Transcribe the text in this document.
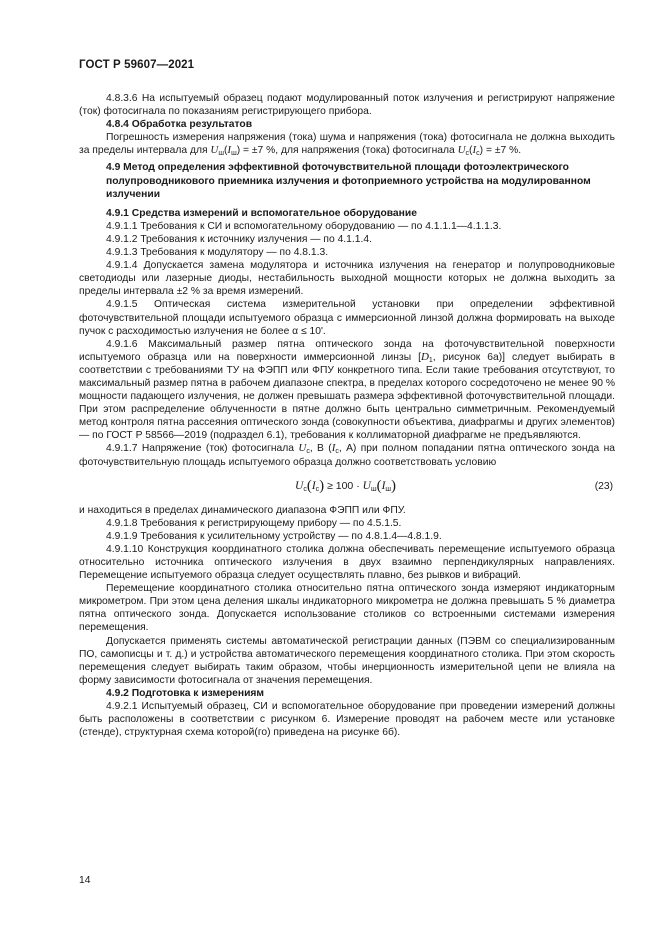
ГОСТ Р 59607—2021

4.8.3.6 На испытуемый образец подают модулированный поток излучения и регистрируют напряжение (ток) фотосигнала по показаниям регистрирующего прибора.

4.8.4 Обработка результатов

Погрешность измерения напряжения (тока) шума и напряжения (тока) фотосигнала не должна выходить за пределы интервала для $U_ш(I_ш) = \pm 7$ %, для напряжения (тока) фотосигнала $U_с(I_с) = \pm 7$ %.

4.9 Метод определения эффективной фоточувствительной площади фотоэлектрического полупроводникового приемника излучения и фотоприемного устройства на модулированном излучении

4.9.1 Средства измерений и вспомогательное оборудование

4.9.1.1 Требования к СИ и вспомогательному оборудованию — по 4.1.1.1—4.1.1.3.

4.9.1.2 Требования к источнику излучения — по 4.1.1.4.

4.9.1.3 Требования к модулятору — по 4.8.1.3.

4.9.1.4 Допускается замена модулятора и источника излучения на генератор и полупроводниковые светодиоды или лазерные диоды, нестабильность выходной мощности которых не должна выходить за пределы интервала ±2 % за время измерений.

4.9.1.5 Оптическая система измерительной установки при определении эффективной фоточувствительной площади испытуемого образца с иммерсионной линзой должна формировать на выходе пучок с расходимостью излучения не более α ≤ 10'.

4.9.1.6 Максимальный размер пятна оптического зонда на фоточувствительной поверхности испытуемого образца или на поверхности иммерсионной линзы [$D_1$, рисунок 6а)] следует выбирать в соответствии с требованиями ТУ на ФЭПП или ФПУ конкретного типа. Если такие требования отсутствуют, то максимальный размер пятна в рабочем диапазоне спектра, в пределах которого сосредоточено не менее 90 % мощности падающего излучения, не должен превышать размера эффективной фоточувствительной площади. При этом распределение облученности в пятне должно быть центрально симметричным. Рекомендуемый метод контроля пятна рассеяния оптического зонда (совокупности объектива, диафрагмы и других элементов) — по ГОСТ Р 58566—2019 (подраздел 6.1), требования к коллиматорной диафрагме не предъявляются.

4.9.1.7 Напряжение (ток) фотосигнала $U_с$, В ($I_с$, А) при полном попадании пятна оптического зонда на фоточувствительную площадь испытуемого образца должно соответствовать условию

$U_с(I_с) \ge 100 \cdot U_ш(I_ш)$	(23)

и находиться в пределах динамического диапазона ФЭПП или ФПУ.

4.9.1.8 Требования к регистрирующему прибору — по 4.5.1.5.

4.9.1.9 Требования к усилительному устройству — по 4.8.1.4—4.8.1.9.

4.9.1.10 Конструкция координатного столика должна обеспечивать перемещение испытуемого образца относительно источника оптического излучения в двух взаимно перпендикулярных направлениях. Перемещение испытуемого образца следует осуществлять плавно, без рывков и вибраций.

Перемещение координатного столика относительно пятна оптического зонда измеряют индикаторным микрометром. При этом цена деления шкалы индикаторного микрометра не должна превышать 5 % диаметра пятна оптического зонда. Допускается использование столиков со встроенными системами измерения перемещения.

Допускается применять системы автоматической регистрации данных (ПЭВМ со специализированным ПО, самописцы и т. д.) и устройства автоматического перемещения координатного столика. При этом скорость перемещения следует выбирать таким образом, чтобы инерционность измерительной цепи не влияла на форму зависимости фотосигнала от значения перемещения.

4.9.2 Подготовка к измерениям

4.9.2.1 Испытуемый образец, СИ и вспомогательное оборудование при проведении измерений должны быть расположены в соответствии с рисунком 6. Измерение проводят на рабочем месте или установке (стенде), структурная схема которой(го) приведена на рисунке 6б).

14
